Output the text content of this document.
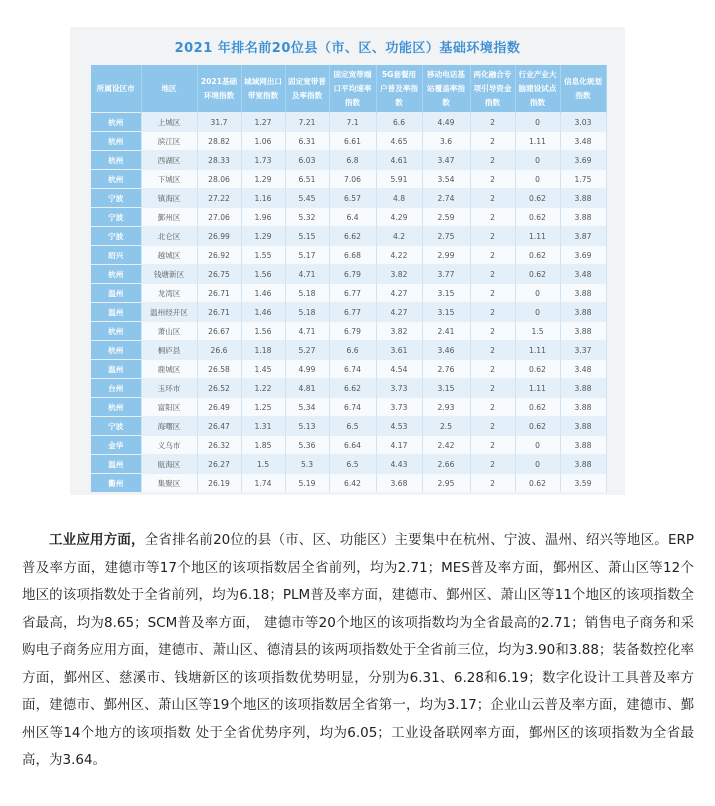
2021 年排名前20位县（市、区、功能区）基础环境指数
所属设区市	地区	2021基础环境指数	城域网出口带宽指数	固定宽带普及率指数	固定宽带端口平均速率指数	5G套餐用户普及率指数	移动电话基站覆盖率指数	两化融合专项引导资金指数	行业产业大脑建设试点指数	信息化规划指数
杭州	上城区	31.7	1.27	7.21	7.1	6.6	4.49	2	0	3.03
杭州	滨江区	28.82	1.06	6.31	6.61	4.65	3.6	2	1.11	3.48
杭州	西湖区	28.33	1.73	6.03	6.8	4.61	3.47	2	0	3.69
杭州	下城区	28.06	1.29	6.51	7.06	5.91	3.54	2	0	1.75
宁波	镇海区	27.22	1.16	5.45	6.57	4.8	2.74	2	0.62	3.88
宁波	鄞州区	27.06	1.96	5.32	6.4	4.29	2.59	2	0.62	3.88
宁波	北仑区	26.99	1.29	5.15	6.62	4.2	2.75	2	1.11	3.87
绍兴	越城区	26.92	1.55	5.17	6.68	4.22	2.99	2	0.62	3.69
杭州	钱塘新区	26.75	1.56	4.71	6.79	3.82	3.77	2	0.62	3.48
温州	龙湾区	26.71	1.46	5.18	6.77	4.27	3.15	2	0	3.88
温州	温州经开区	26.71	1.46	5.18	6.77	4.27	3.15	2	0	3.88
杭州	萧山区	26.67	1.56	4.71	6.79	3.82	2.41	2	1.5	3.88
杭州	桐庐县	26.6	1.18	5.27	6.6	3.61	3.46	2	1.11	3.37
温州	鹿城区	26.58	1.45	4.99	6.74	4.54	2.76	2	0.62	3.48
台州	玉环市	26.52	1.22	4.81	6.62	3.73	3.15	2	1.11	3.88
杭州	富阳区	26.49	1.25	5.34	6.74	3.73	2.93	2	0.62	3.88
宁波	海曙区	26.47	1.31	5.13	6.5	4.53	2.5	2	0.62	3.88
金华	义乌市	26.32	1.85	5.36	6.64	4.17	2.42	2	0	3.88
温州	瓯海区	26.27	1.5	5.3	6.5	4.43	2.66	2	0	3.88
衢州	集聚区	26.19	1.74	5.19	6.42	3.68	2.95	2	0.62	3.59
工业应用方面，全省排名前20位的县（市、区、功能区）主要集中在杭州、宁波、温州、绍兴等地区。ERP 普及率方面，建德市等17个地区的该项指数居全省前列，均为2.71；MES普及率方面，鄞州区、萧山区等12个地区的该项指数处于全省前列，均为6.18；PLM普及率方面，建德市、鄞州区、萧山区等11个地区的该项指数全省最高，均为8.65；SCM普及率方面， 建德市等20个地区的该项指数均为全省最高的2.71；销售电子商务和采购电子商务应用方面，建德市、萧山区、德清县的该两项指数处于全省前三位，均为3.90和3.88；装备数控化率方面，鄞州区、慈溪市、钱塘新区的该项指数优势明显，分别为6.31、6.28和6.19；数字化设计工具普及率方面，建德市、鄞州区、萧山区等19个地区的该项指数居全省第一，均为3.17；企业山云普及率方面，建德市、鄞州区等14个地方的该项指数 处于全省优势序列，均为6.05；工业设备联网率方面，鄞州区的该项指数为全省最高，为3.64。
